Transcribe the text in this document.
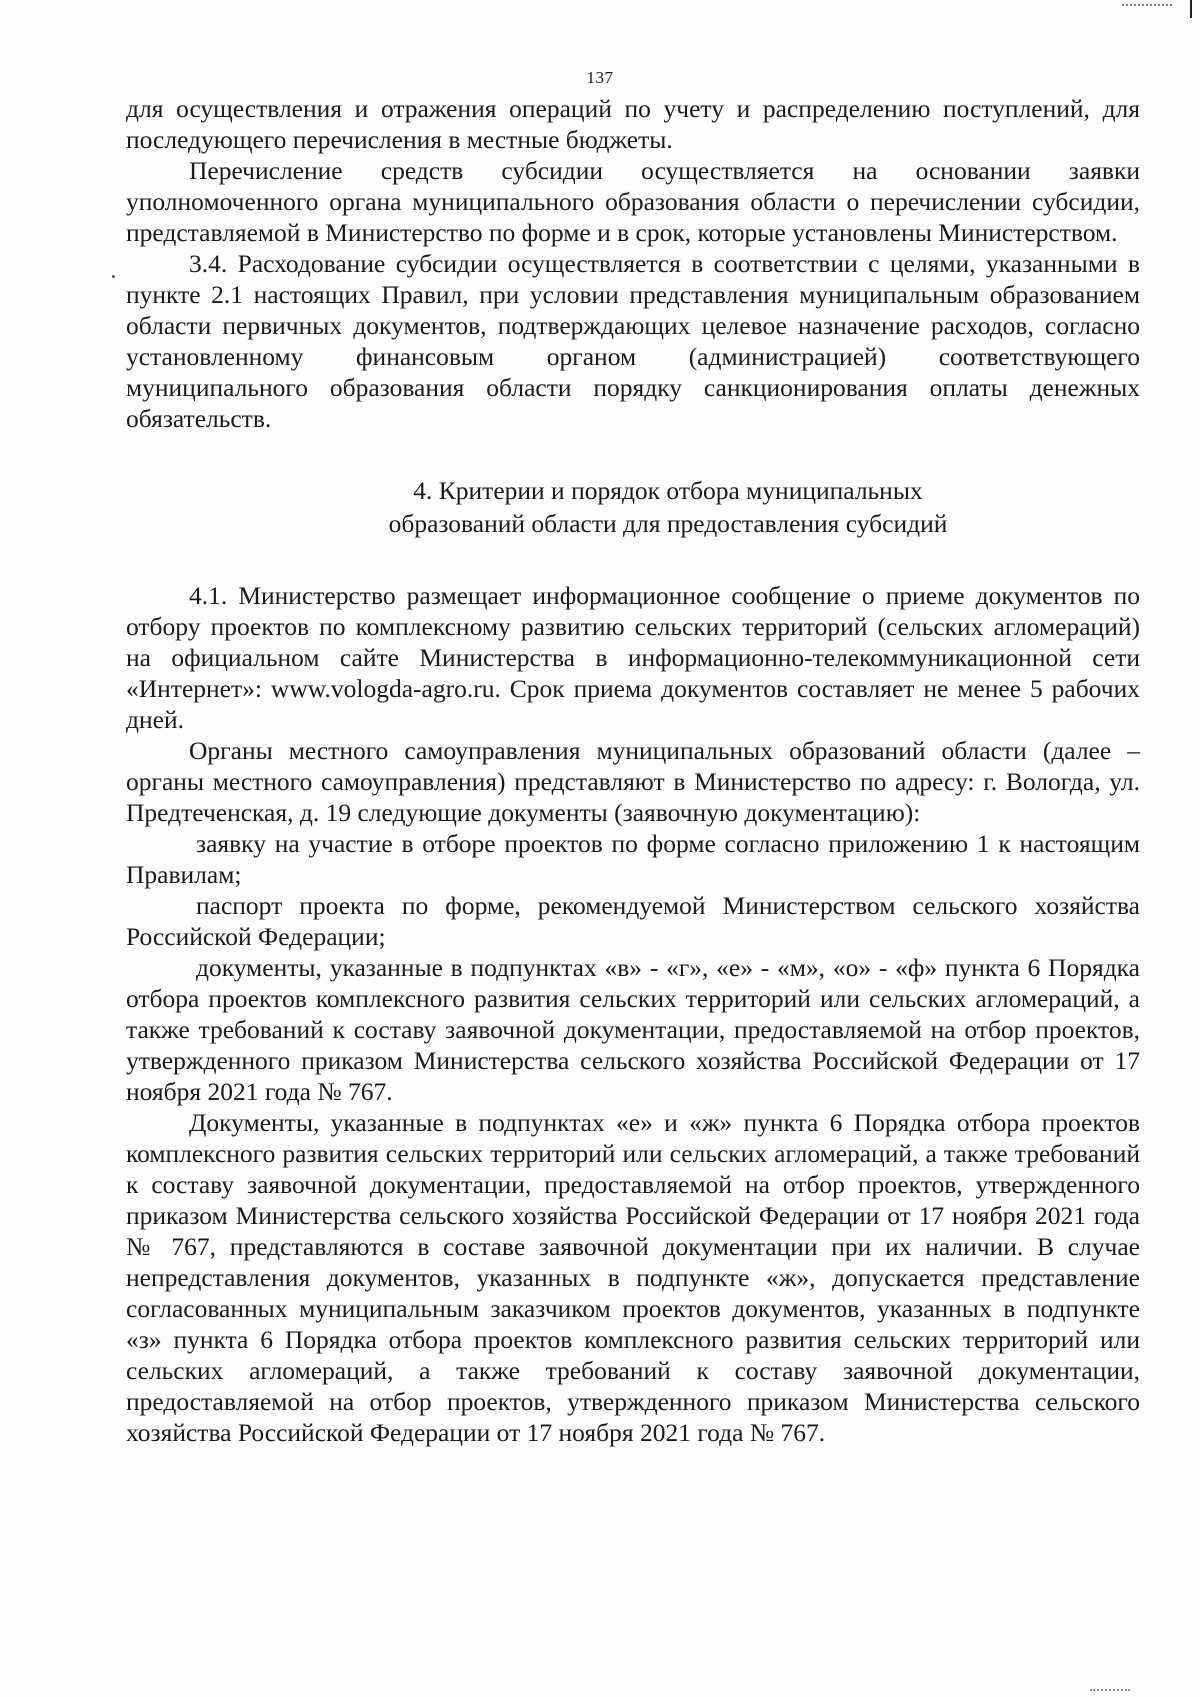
137

для осуществления и отражения операций по учету и распределению поступлений, для последующего перечисления в местные бюджеты.

Перечисление средств субсидии осуществляется на основании заявки уполномоченного органа муниципального образования области о перечислении субсидии, представляемой в Министерство по форме и в срок, которые установлены Министерством.

3.4. Расходование субсидии осуществляется в соответствии с целями, указанными в пункте 2.1 настоящих Правил, при условии представления муниципальным образованием области первичных документов, подтверждающих целевое назначение расходов, согласно установленному финансовым органом (администрацией) соответствующего муниципального образования области порядку санкционирования оплаты денежных обязательств.

4. Критерии и порядок отбора муниципальных
образований области для предоставления субсидий

4.1. Министерство размещает информационное сообщение о приеме документов по отбору проектов по комплексному развитию сельских территорий (сельских агломераций) на официальном сайте Министерства в информационно-телекоммуникационной сети «Интернет»: www.vologda-agro.ru. Срок приема документов составляет не менее 5 рабочих дней.

Органы местного самоуправления муниципальных образований области (далее – органы местного самоуправления) представляют в Министерство по адресу: г. Вологда, ул. Предтеченская, д. 19 следующие документы (заявочную документацию):

заявку на участие в отборе проектов по форме согласно приложению 1 к настоящим Правилам;

паспорт проекта по форме, рекомендуемой Министерством сельского хозяйства Российской Федерации;

документы, указанные в подпунктах «в» - «г», «е» - «м», «о» - «ф» пункта 6 Порядка отбора проектов комплексного развития сельских территорий или сельских агломераций, а также требований к составу заявочной документации, предоставляемой на отбор проектов, утвержденного приказом Министерства сельского хозяйства Российской Федерации от 17 ноября 2021 года № 767.

Документы, указанные в подпунктах «е» и «ж» пункта 6 Порядка отбора проектов комплексного развития сельских территорий или сельских агломераций, а также требований к составу заявочной документации, предоставляемой на отбор проектов, утвержденного приказом Министерства сельского хозяйства Российской Федерации от 17 ноября 2021 года № 767, представляются в составе заявочной документации при их наличии. В случае непредставления документов, указанных в подпункте «ж», допускается представление согласованных муниципальным заказчиком проектов документов, указанных в подпункте «з» пункта 6 Порядка отбора проектов комплексного развития сельских территорий или сельских агломераций, а также требований к составу заявочной документации, предоставляемой на отбор проектов, утвержденного приказом Министерства сельского хозяйства Российской Федерации от 17 ноября 2021 года № 767.
